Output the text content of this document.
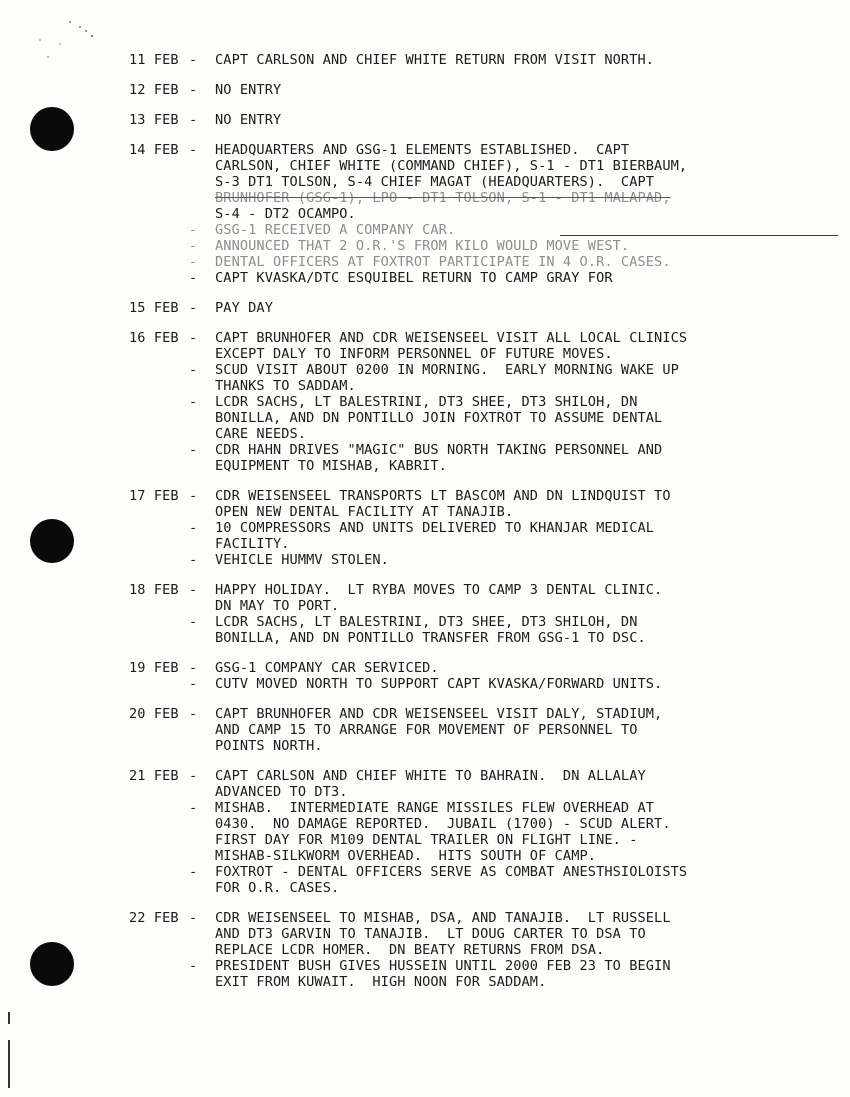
11 FEB -	CAPT CARLSON AND CHIEF WHITE RETURN FROM VISIT NORTH.
12 FEB -	NO ENTRY
13 FEB -	NO ENTRY
14 FEB -	HEADQUARTERS AND GSG-1 ELEMENTS ESTABLISHED.  CAPT
CARLSON, CHIEF WHITE (COMMAND CHIEF), S-1 - DT1 BIERBAUM,
S-3 DT1 TOLSON, S-4 CHIEF MAGAT (HEADQUARTERS).  CAPT
BRUNHOFER (GSG-1), LPO - DT1 TOLSON, S-1 - DT1 MALAPAD,
S-4 - DT2 OCAMPO.
-	GSG-1 RECEIVED A COMPANY CAR.
-	ANNOUNCED THAT 2 O.R.'S FROM KILO WOULD MOVE WEST.
-	DENTAL OFFICERS AT FOXTROT PARTICIPATE IN 4 O.R. CASES.
-	CAPT KVASKA/DTC ESQUIBEL RETURN TO CAMP GRAY FOR
15 FEB -	PAY DAY
16 FEB -	CAPT BRUNHOFER AND CDR WEISENSEEL VISIT ALL LOCAL CLINICS
EXCEPT DALY TO INFORM PERSONNEL OF FUTURE MOVES.
-	SCUD VISIT ABOUT 0200 IN MORNING.  EARLY MORNING WAKE UP
THANKS TO SADDAM.
-	LCDR SACHS, LT BALESTRINI, DT3 SHEE, DT3 SHILOH, DN
BONILLA, AND DN PONTILLO JOIN FOXTROT TO ASSUME DENTAL
CARE NEEDS.
-	CDR HAHN DRIVES "MAGIC" BUS NORTH TAKING PERSONNEL AND
EQUIPMENT TO MISHAB, KABRIT.
17 FEB -	CDR WEISENSEEL TRANSPORTS LT BASCOM AND DN LINDQUIST TO
OPEN NEW DENTAL FACILITY AT TANAJIB.
-	10 COMPRESSORS AND UNITS DELIVERED TO KHANJAR MEDICAL
FACILITY.
-	VEHICLE HUMMV STOLEN.
18 FEB -	HAPPY HOLIDAY.  LT RYBA MOVES TO CAMP 3 DENTAL CLINIC.
DN MAY TO PORT.
-	LCDR SACHS, LT BALESTRINI, DT3 SHEE, DT3 SHILOH, DN
BONILLA, AND DN PONTILLO TRANSFER FROM GSG-1 TO DSC.
19 FEB -	GSG-1 COMPANY CAR SERVICED.
-	CUTV MOVED NORTH TO SUPPORT CAPT KVASKA/FORWARD UNITS.
20 FEB -	CAPT BRUNHOFER AND CDR WEISENSEEL VISIT DALY, STADIUM,
AND CAMP 15 TO ARRANGE FOR MOVEMENT OF PERSONNEL TO
POINTS NORTH.
21 FEB -	CAPT CARLSON AND CHIEF WHITE TO BAHRAIN.  DN ALLALAY
ADVANCED TO DT3.
-	MISHAB.  INTERMEDIATE RANGE MISSILES FLEW OVERHEAD AT
0430.  NO DAMAGE REPORTED.  JUBAIL (1700) - SCUD ALERT.
FIRST DAY FOR M109 DENTAL TRAILER ON FLIGHT LINE. -
MISHAB-SILKWORM OVERHEAD.  HITS SOUTH OF CAMP.
-	FOXTROT - DENTAL OFFICERS SERVE AS COMBAT ANESTHSIOLOISTS
FOR O.R. CASES.
22 FEB -	CDR WEISENSEEL TO MISHAB, DSA, AND TANAJIB.  LT RUSSELL
AND DT3 GARVIN TO TANAJIB.  LT DOUG CARTER TO DSA TO
REPLACE LCDR HOMER.  DN BEATY RETURNS FROM DSA.
-	PRESIDENT BUSH GIVES HUSSEIN UNTIL 2000 FEB 23 TO BEGIN
EXIT FROM KUWAIT.  HIGH NOON FOR SADDAM.
